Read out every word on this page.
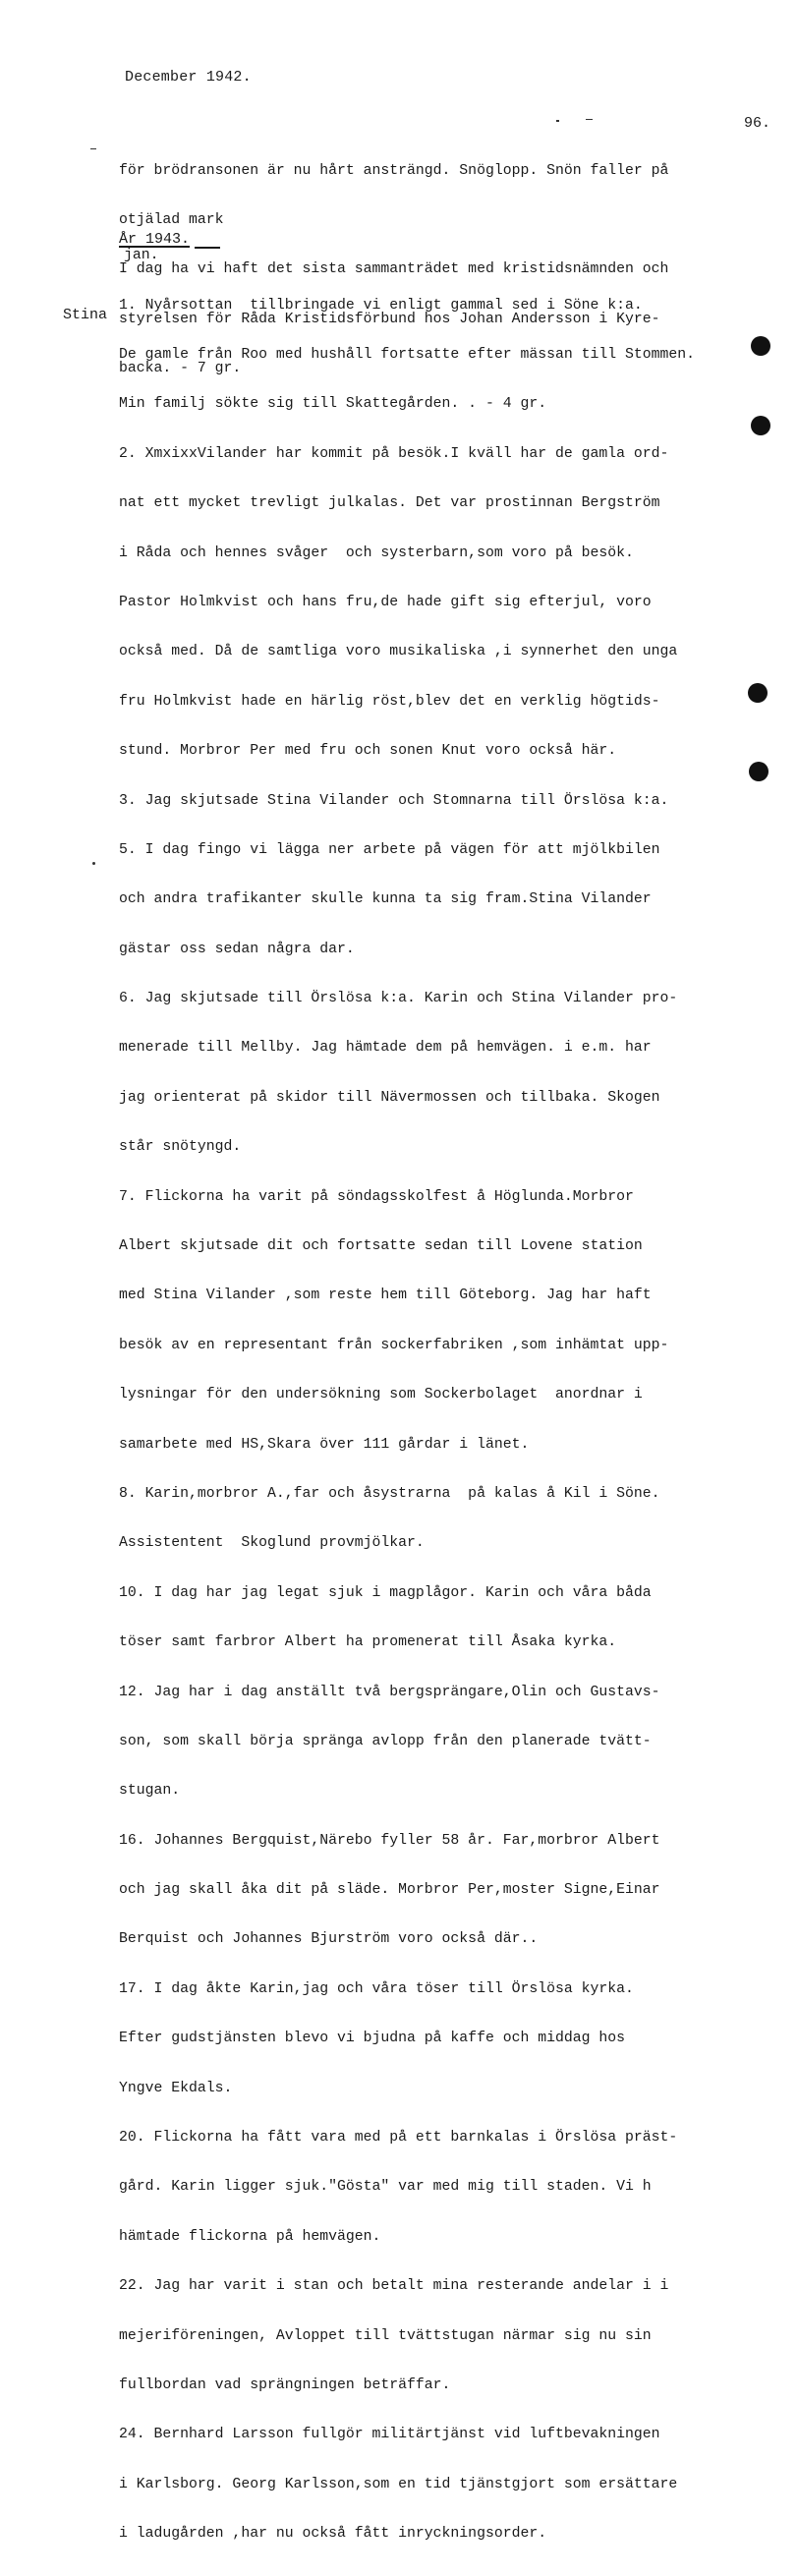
December 1942.
96.

för brödransonen är nu hårt ansträngd. Snöglopp. Snön faller på

otjälad mark

I dag ha vi haft det sista sammanträdet med kristidsnämnden och

styrelsen för Råda Kristidsförbund hos Johan Andersson i Kyre-

backa. - 7 gr.

År 1943.
jan.
Stina

1. Nyårsottan  tillbringade vi enligt gammal sed i Söne k:a.

De gamle från Roo med hushåll fortsatte efter mässan till Stommen.

Min familj sökte sig till Skattegården. . - 4 gr.

2. XmxixxVilander har kommit på besök.I kväll har de gamla ord-

nat ett mycket trevligt julkalas. Det var prostinnan Bergström

i Råda och hennes svåger  och systerbarn,som voro på besök.

Pastor Holmkvist och hans fru,de hade gift sig efterjul, voro

också med. Då de samtliga voro musikaliska ,i synnerhet den unga

fru Holmkvist hade en härlig röst,blev det en verklig högtids-

stund. Morbror Per med fru och sonen Knut voro också här.

3. Jag skjutsade Stina Vilander och Stomnarna till Örslösa k:a.

5. I dag fingo vi lägga ner arbete på vägen för att mjölkbilen

och andra trafikanter skulle kunna ta sig fram.Stina Vilander

gästar oss sedan några dar.

6. Jag skjutsade till Örslösa k:a. Karin och Stina Vilander pro-

menerade till Mellby. Jag hämtade dem på hemvägen. i e.m. har

jag orienterat på skidor till Nävermossen och tillbaka. Skogen

står snötyngd.

7. Flickorna ha varit på söndagsskolfest å Höglunda.Morbror

Albert skjutsade dit och fortsatte sedan till Lovene station

med Stina Vilander ,som reste hem till Göteborg. Jag har haft

besök av en representant från sockerfabriken ,som inhämtat upp-

lysningar för den undersökning som Sockerbolaget  anordnar i

samarbete med HS,Skara över 111 gårdar i länet.

8. Karin,morbror A.,far och åsystrarna  på kalas å Kil i Söne.

Assistentent  Skoglund provmjölkar.

10. I dag har jag legat sjuk i magplågor. Karin och våra båda

töser samt farbror Albert ha promenerat till Åsaka kyrka.

12. Jag har i dag anställt två bergsprängare,Olin och Gustavs-

son, som skall börja spränga avlopp från den planerade tvätt-

stugan.

16. Johannes Bergquist,Närebo fyller 58 år. Far,morbror Albert

och jag skall åka dit på släde. Morbror Per,moster Signe,Einar

Berquist och Johannes Bjurström voro också där..

17. I dag åkte Karin,jag och våra töser till Örslösa kyrka.

Efter gudstjänsten blevo vi bjudna på kaffe och middag hos

Yngve Ekdals.

20. Flickorna ha fått vara med på ett barnkalas i Örslösa präst-

gård. Karin ligger sjuk."Gösta" var med mig till staden. Vi h

hämtade flickorna på hemvägen.

22. Jag har varit i stan och betalt mina resterande andelar i i

mejeriföreningen, Avloppet till tvättstugan närmar sig nu sin

fullbordan vad sprängningen beträffar.

24. Bernhard Larsson fullgör militärtjänst vid luftbevakningen

i Karlsborg. Georg Karlsson,som en tid tjänstgjort som ersättare

i ladugården ,har nu också fått inryckningsorder.
